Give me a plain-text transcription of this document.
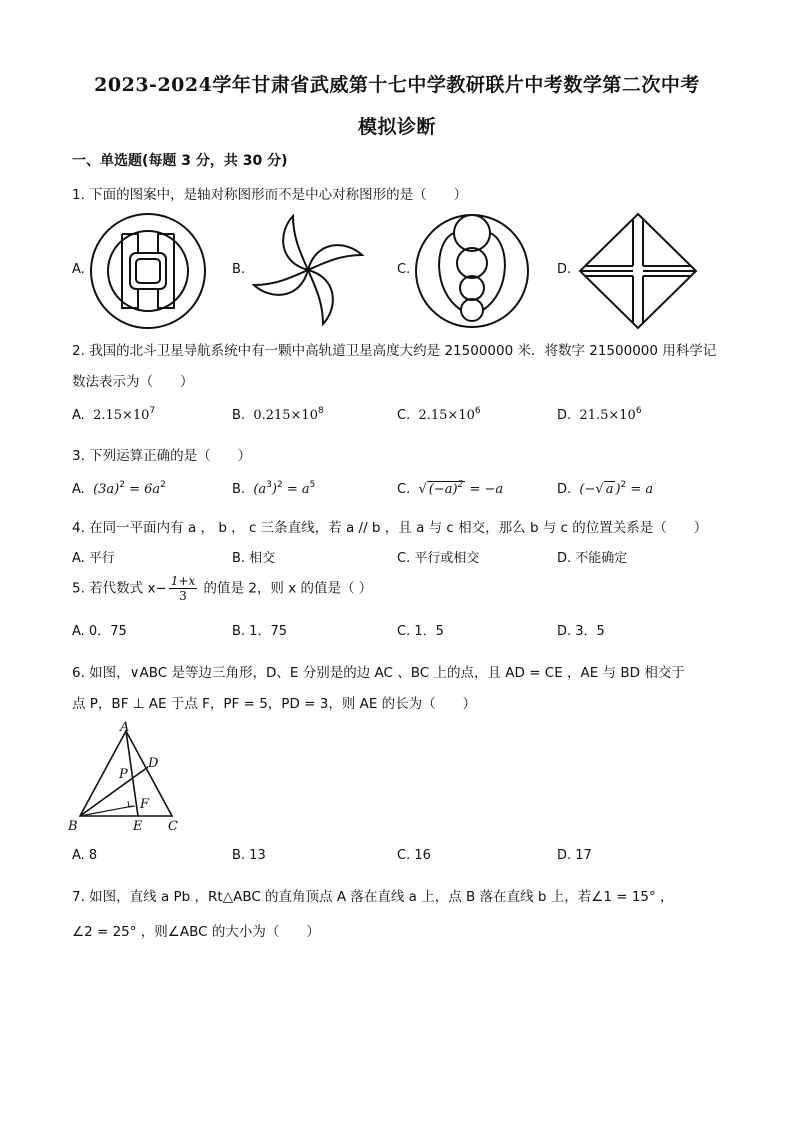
2023-2024学年甘肃省武威第十七中学教研联片中考数学第二次中考
模拟诊断
一、单选题(每题 3 分，共 30 分)
1. 下面的图案中，是轴对称图形而不是中心对称图形的是（　　）
A.	B.	C.	D.
2. 我国的北斗卫星导航系统中有一颗中高轨道卫星高度大约是 21500000 米．将数字 21500000 用科学记
数法表示为（　　）
A. $2.15\times 10^7$	B. $0.215\times 10^8$	C. $2.15\times 10^6$	D. $21.5\times 10^6$
3. 下列运算正确的是（　　）
A. $(3a)^2 = 6a^2$	B. $(a^3)^2 = a^5$	C. √ $(-a)^2 = -a$	D. (−√ a )$^2$ = a
4. 在同一平面内有 a ， b ， c 三条直线，若 a // b ，且 a 与 c 相交，那么 b 与 c 的位置关系是（　　）
A. 平行	B. 相交	C. 平行或相交	D. 不能确定
5. 若代数式 $x- \frac{1+x}{3}$ 的值是 2，则 x 的值是（ ）
A. 0．75	B. 1．75	C. 1．5	D. 3．5
6. 如图，∨ABC 是等边三角形，D、E 分别是的边 AC 、BC 上的点，且 AD = CE ，AE 与 BD 相交于
点 P，BF ⊥ AE 于点 F，PF = 5，PD = 3，则 AE 的长为（　　）
A
D
P
F
B	E C
A. 8	B. 13	C. 16	D. 17
7. 如图，直线 a Pb ，Rt△ABC 的直角顶点 A 落在直线 a 上，点 B 落在直线 b 上，若∠1 = 15° ，
∠2 = 25° ，则∠ABC 的大小为（　　）
